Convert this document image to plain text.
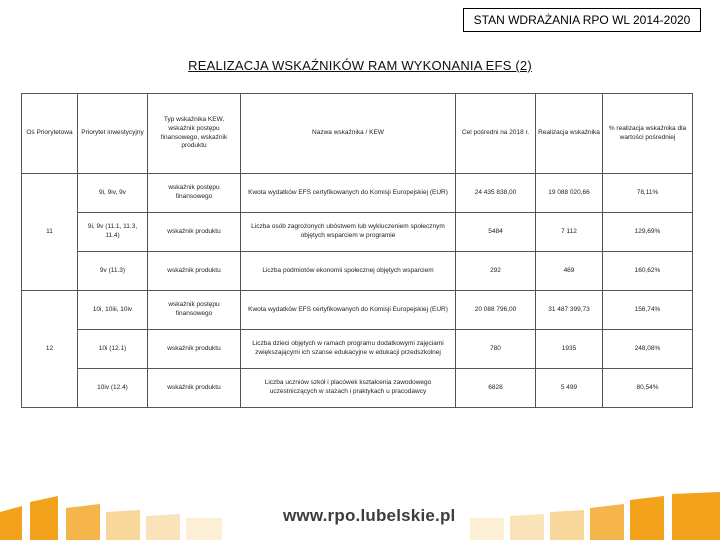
STAN WDRAŻANIA RPO WL 2014-2020
REALIZACJA WSKAŹNIKÓW RAM WYKONANIA EFS (2)
Oś Priorytetowa	Priorytet inwestycyjny	Typ wskaźnika KEW, wskaźnik postępu finansowego, wskaźnik produktu	Nazwa wskaźnika / KEW	Cel pośredni na 2018 r.	Realizacja wskaźnika	% realizacja wskaźnika dla wartości pośredniej
11	9i, 9iv, 9v	wskaźnik postępu finansowego	Kwota wydatków EFS certyfikowanych do Komisji Europejskiej (EUR)	24 435 838,00	19 088 020,66	78,11%
	9i, 9v (11.1, 11.3, 11.4)	wskaźnik produktu	Liczba osób zagrożonych ubóstwem lub wykluczeniem społecznym objętych wsparciem w programie	5484	7 112	129,69%
	9v (11.3)	wskaźnik produktu	Liczba podmiotów ekonomii społecznej objętych wsparciem	292	469	160,62%
12	10i, 10iii, 10iv	wskaźnik postępu finansowego	Kwota wydatków EFS certyfikowanych do Komisji Europejskiej (EUR)	20 088 796,00	31 487 399,73	156,74%
	10i (12.1)	wskaźnik produktu	Liczba dzieci objętych w ramach programu dodatkowymi zajęciami zwiększającymi ich szanse edukacyjne w edukacji przedszkolnej	780	1935	248,08%
	10iv (12.4)	wskaźnik produktu	Liczba uczniów szkół i placówek kształcenia zawodowego uczestniczących w stażach i praktykach u pracodawcy	6828	5 499	80,54%
www.rpo.lubelskie.pl
